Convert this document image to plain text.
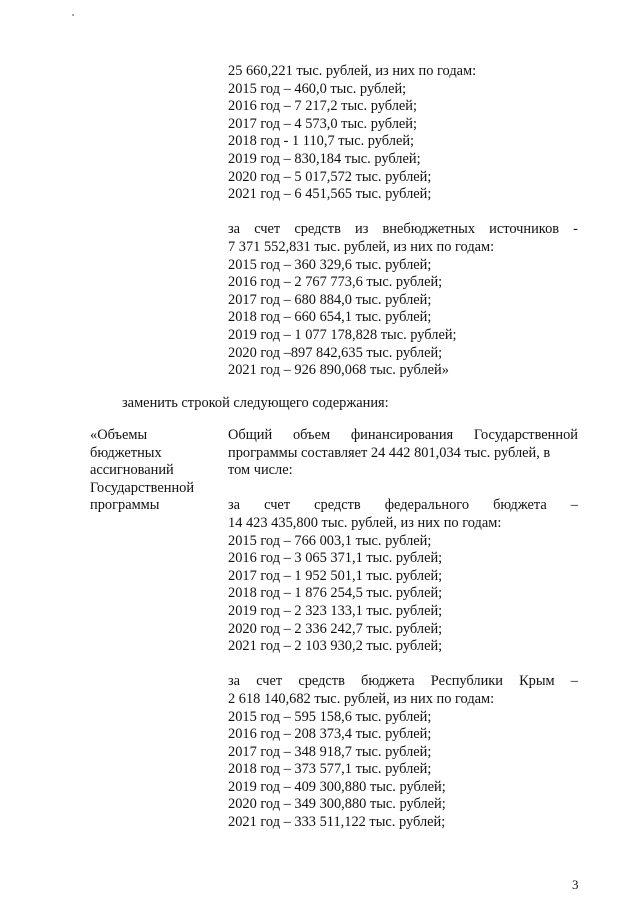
25 660,221 тыс. рублей, из них по годам:
2015 год – 460,0 тыс. рублей;
2016 год – 7 217,2 тыс. рублей;
2017 год – 4 573,0 тыс. рублей;
2018 год - 1 110,7 тыс. рублей;
2019 год – 830,184 тыс. рублей;
2020 год – 5 017,572 тыс. рублей;
2021 год – 6 451,565 тыс. рублей;
за счет средств из внебюджетных источников -
7 371 552,831 тыс. рублей, из них по годам:
2015 год – 360 329,6 тыс. рублей;
2016 год – 2 767 773,6 тыс. рублей;
2017 год – 680 884,0 тыс. рублей;
2018 год – 660 654,1 тыс. рублей;
2019 год – 1 077 178,828 тыс. рублей;
2020 год –897 842,635 тыс. рублей;
2021 год – 926 890,068 тыс. рублей»
заменить строкой следующего содержания:
«Объемы
бюджетных
ассигнований
Государственной
программы
Общий объем финансирования Государственной
программы составляет 24 442 801,034 тыс. рублей, в
том числе:
за счет средств федерального бюджета –
14 423 435,800 тыс. рублей, из них по годам:
2015 год – 766 003,1 тыс. рублей;
2016 год – 3 065 371,1 тыс. рублей;
2017 год – 1 952 501,1 тыс. рублей;
2018 год – 1 876 254,5 тыс. рублей;
2019 год – 2 323 133,1 тыс. рублей;
2020 год – 2 336 242,7 тыс. рублей;
2021 год – 2 103 930,2 тыс. рублей;
за счет средств бюджета Республики Крым –
2 618 140,682 тыс. рублей, из них по годам:
2015 год – 595 158,6 тыс. рублей;
2016 год – 208 373,4 тыс. рублей;
2017 год – 348 918,7 тыс. рублей;
2018 год – 373 577,1 тыс. рублей;
2019 год – 409 300,880 тыс. рублей;
2020 год – 349 300,880 тыс. рублей;
2021 год – 333 511,122 тыс. рублей;
3
